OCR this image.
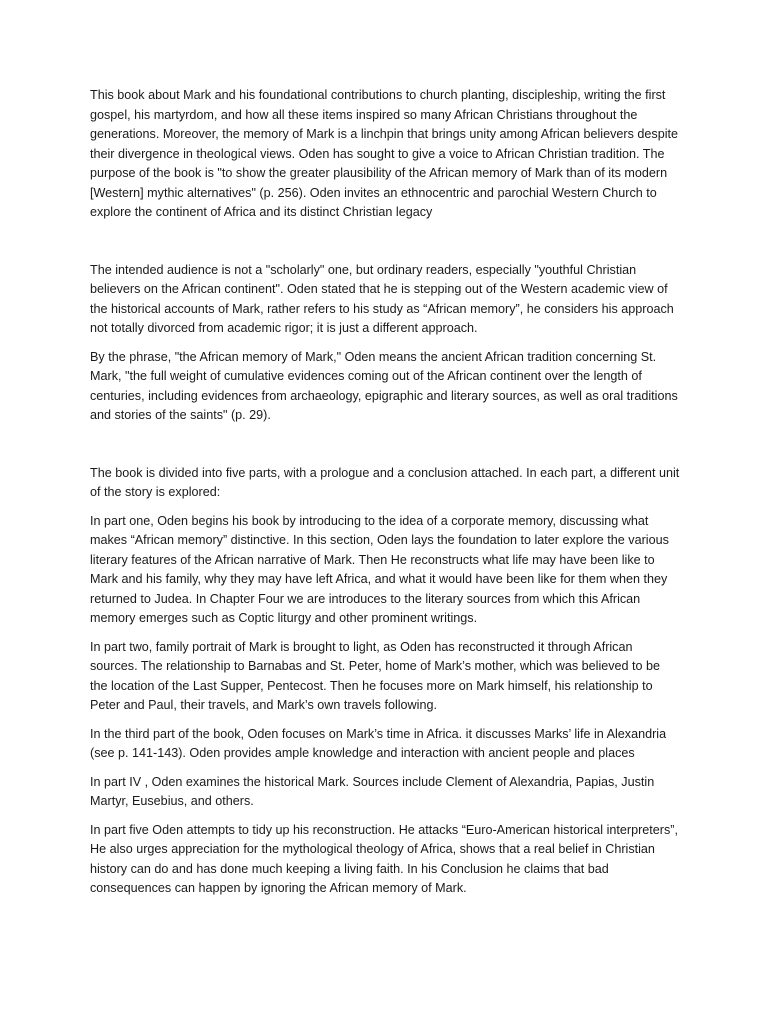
This book about Mark and his foundational contributions to church planting, discipleship, writing the first gospel, his martyrdom, and how all these items inspired so many African Christians throughout the generations. Moreover, the memory of Mark is a linchpin that brings unity among African believers despite their divergence in theological views. Oden has sought to give a voice to African Christian tradition. The purpose of the book is "to show the greater plausibility of the African memory of Mark than of its modern [Western] mythic alternatives" (p. 256). Oden invites an ethnocentric and parochial Western Church to explore the continent of Africa and its distinct Christian legacy

The intended audience is not a "scholarly" one, but ordinary readers, especially "youthful Christian believers on the African continent". Oden stated that he is stepping out of the Western academic view of the historical accounts of Mark, rather refers to his study as “African memory”, he considers his approach not totally divorced from academic rigor; it is just a different approach.

By the phrase, "the African memory of Mark," Oden means the ancient African tradition concerning St. Mark, "the full weight of cumulative evidences coming out of the African continent over the length of centuries, including evidences from archaeology, epigraphic and literary sources, as well as oral traditions and stories of the saints" (p. 29).

The book is divided into five parts, with a prologue and a conclusion attached. In each part, a different unit of the story is explored:

In part one, Oden begins his book by introducing to the idea of a corporate memory, discussing what makes “African memory” distinctive. In this section, Oden lays the foundation to later explore the various literary features of the African narrative of Mark. Then He reconstructs what life may have been like to Mark and his family, why they may have left Africa, and what it would have been like for them when they returned to Judea. In Chapter Four we are introduces to the literary sources from which this African memory emerges such as Coptic liturgy and other prominent writings.

In part two, family portrait of Mark is brought to light, as Oden has reconstructed it through African sources. The relationship to Barnabas and St. Peter, home of Mark’s mother, which was believed to be the location of the Last Supper, Pentecost. Then he focuses more on Mark himself, his relationship to Peter and Paul, their travels, and Mark’s own travels following.

In the third part of the book, Oden focuses on Mark’s time in Africa. it discusses Marks’ life in Alexandria (see p. 141-143). Oden provides ample knowledge and interaction with ancient people and places

In part IV , Oden examines the historical Mark. Sources include Clement of Alexandria, Papias, Justin Martyr, Eusebius, and others.

In part five Oden attempts to tidy up his reconstruction. He attacks “Euro-American historical interpreters”, He also urges appreciation for the mythological theology of Africa, shows that a real belief in Christian history can do and has done much keeping a living faith. In his Conclusion he claims that bad consequences can happen by ignoring the African memory of Mark.
